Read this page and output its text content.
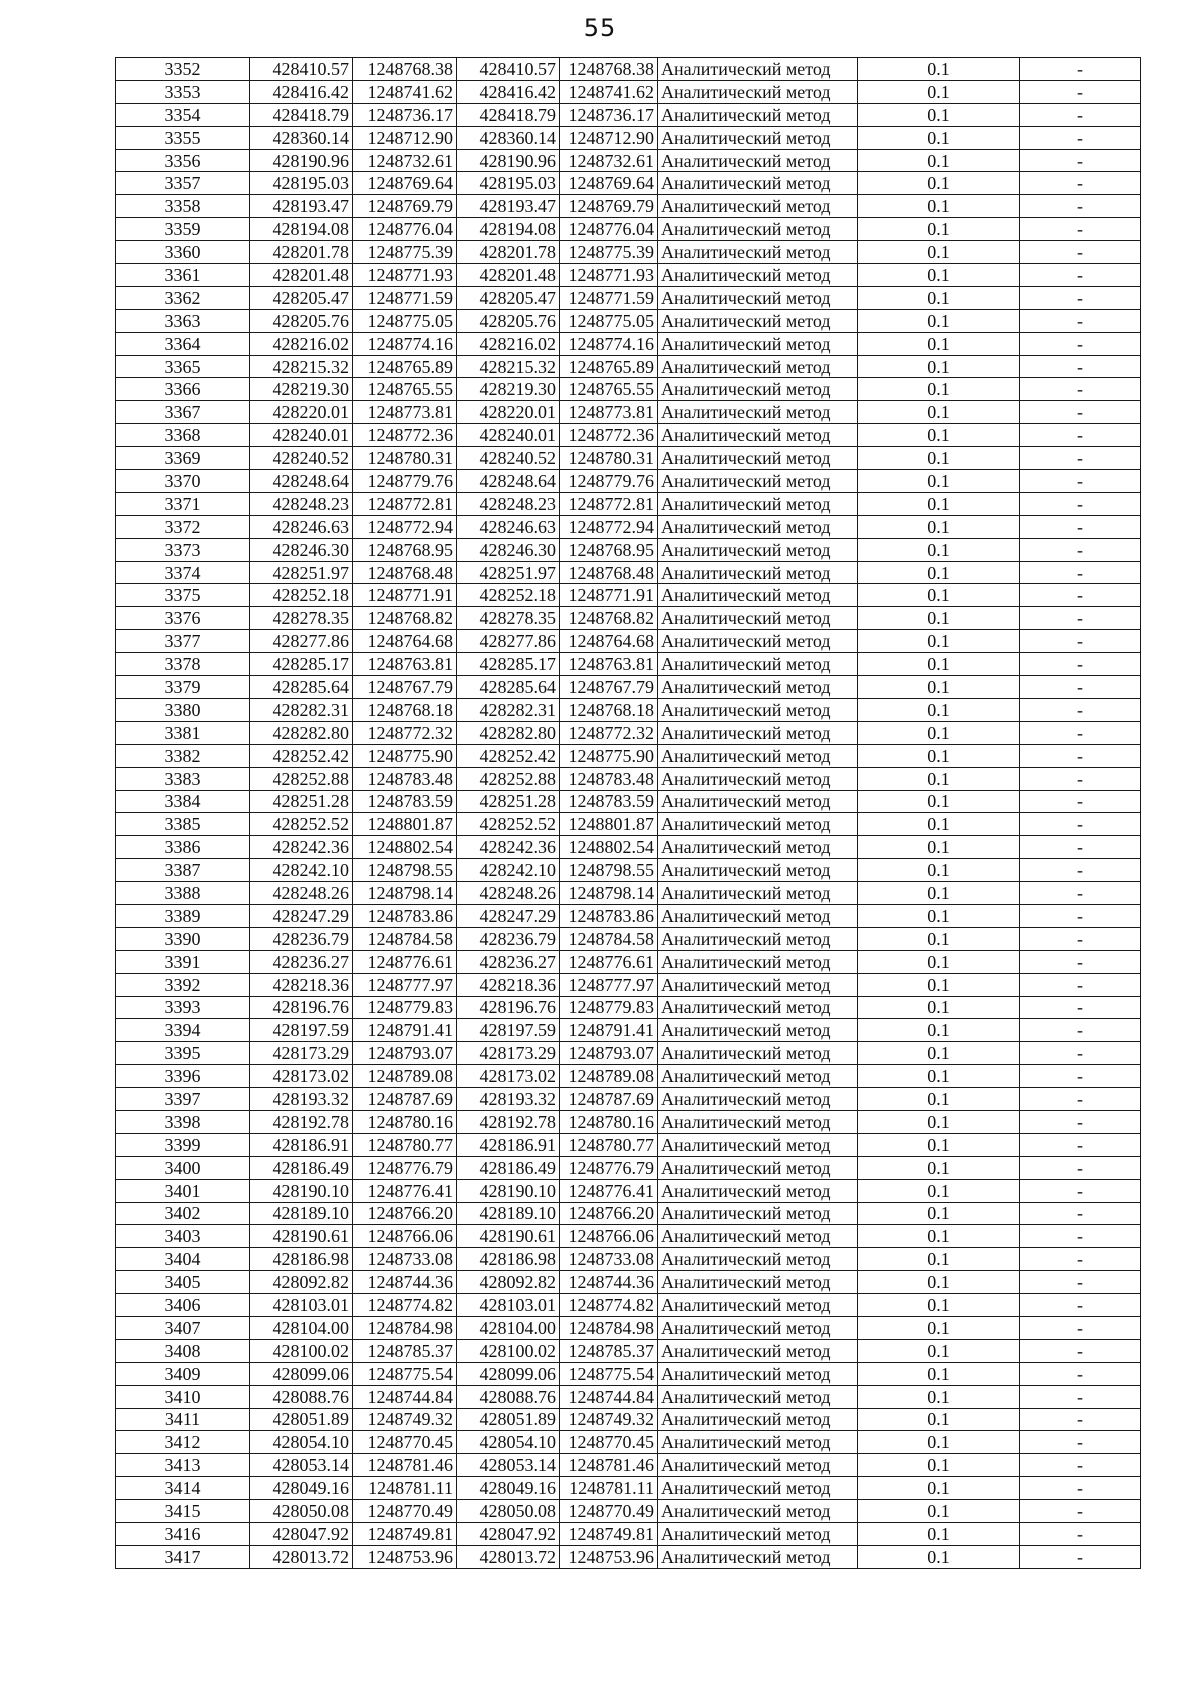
55
3352	428410.57	1248768.38	428410.57	1248768.38	Аналитический метод	0.1	-
3353	428416.42	1248741.62	428416.42	1248741.62	Аналитический метод	0.1	-
3354	428418.79	1248736.17	428418.79	1248736.17	Аналитический метод	0.1	-
3355	428360.14	1248712.90	428360.14	1248712.90	Аналитический метод	0.1	-
3356	428190.96	1248732.61	428190.96	1248732.61	Аналитический метод	0.1	-
3357	428195.03	1248769.64	428195.03	1248769.64	Аналитический метод	0.1	-
3358	428193.47	1248769.79	428193.47	1248769.79	Аналитический метод	0.1	-
3359	428194.08	1248776.04	428194.08	1248776.04	Аналитический метод	0.1	-
3360	428201.78	1248775.39	428201.78	1248775.39	Аналитический метод	0.1	-
3361	428201.48	1248771.93	428201.48	1248771.93	Аналитический метод	0.1	-
3362	428205.47	1248771.59	428205.47	1248771.59	Аналитический метод	0.1	-
3363	428205.76	1248775.05	428205.76	1248775.05	Аналитический метод	0.1	-
3364	428216.02	1248774.16	428216.02	1248774.16	Аналитический метод	0.1	-
3365	428215.32	1248765.89	428215.32	1248765.89	Аналитический метод	0.1	-
3366	428219.30	1248765.55	428219.30	1248765.55	Аналитический метод	0.1	-
3367	428220.01	1248773.81	428220.01	1248773.81	Аналитический метод	0.1	-
3368	428240.01	1248772.36	428240.01	1248772.36	Аналитический метод	0.1	-
3369	428240.52	1248780.31	428240.52	1248780.31	Аналитический метод	0.1	-
3370	428248.64	1248779.76	428248.64	1248779.76	Аналитический метод	0.1	-
3371	428248.23	1248772.81	428248.23	1248772.81	Аналитический метод	0.1	-
3372	428246.63	1248772.94	428246.63	1248772.94	Аналитический метод	0.1	-
3373	428246.30	1248768.95	428246.30	1248768.95	Аналитический метод	0.1	-
3374	428251.97	1248768.48	428251.97	1248768.48	Аналитический метод	0.1	-
3375	428252.18	1248771.91	428252.18	1248771.91	Аналитический метод	0.1	-
3376	428278.35	1248768.82	428278.35	1248768.82	Аналитический метод	0.1	-
3377	428277.86	1248764.68	428277.86	1248764.68	Аналитический метод	0.1	-
3378	428285.17	1248763.81	428285.17	1248763.81	Аналитический метод	0.1	-
3379	428285.64	1248767.79	428285.64	1248767.79	Аналитический метод	0.1	-
3380	428282.31	1248768.18	428282.31	1248768.18	Аналитический метод	0.1	-
3381	428282.80	1248772.32	428282.80	1248772.32	Аналитический метод	0.1	-
3382	428252.42	1248775.90	428252.42	1248775.90	Аналитический метод	0.1	-
3383	428252.88	1248783.48	428252.88	1248783.48	Аналитический метод	0.1	-
3384	428251.28	1248783.59	428251.28	1248783.59	Аналитический метод	0.1	-
3385	428252.52	1248801.87	428252.52	1248801.87	Аналитический метод	0.1	-
3386	428242.36	1248802.54	428242.36	1248802.54	Аналитический метод	0.1	-
3387	428242.10	1248798.55	428242.10	1248798.55	Аналитический метод	0.1	-
3388	428248.26	1248798.14	428248.26	1248798.14	Аналитический метод	0.1	-
3389	428247.29	1248783.86	428247.29	1248783.86	Аналитический метод	0.1	-
3390	428236.79	1248784.58	428236.79	1248784.58	Аналитический метод	0.1	-
3391	428236.27	1248776.61	428236.27	1248776.61	Аналитический метод	0.1	-
3392	428218.36	1248777.97	428218.36	1248777.97	Аналитический метод	0.1	-
3393	428196.76	1248779.83	428196.76	1248779.83	Аналитический метод	0.1	-
3394	428197.59	1248791.41	428197.59	1248791.41	Аналитический метод	0.1	-
3395	428173.29	1248793.07	428173.29	1248793.07	Аналитический метод	0.1	-
3396	428173.02	1248789.08	428173.02	1248789.08	Аналитический метод	0.1	-
3397	428193.32	1248787.69	428193.32	1248787.69	Аналитический метод	0.1	-
3398	428192.78	1248780.16	428192.78	1248780.16	Аналитический метод	0.1	-
3399	428186.91	1248780.77	428186.91	1248780.77	Аналитический метод	0.1	-
3400	428186.49	1248776.79	428186.49	1248776.79	Аналитический метод	0.1	-
3401	428190.10	1248776.41	428190.10	1248776.41	Аналитический метод	0.1	-
3402	428189.10	1248766.20	428189.10	1248766.20	Аналитический метод	0.1	-
3403	428190.61	1248766.06	428190.61	1248766.06	Аналитический метод	0.1	-
3404	428186.98	1248733.08	428186.98	1248733.08	Аналитический метод	0.1	-
3405	428092.82	1248744.36	428092.82	1248744.36	Аналитический метод	0.1	-
3406	428103.01	1248774.82	428103.01	1248774.82	Аналитический метод	0.1	-
3407	428104.00	1248784.98	428104.00	1248784.98	Аналитический метод	0.1	-
3408	428100.02	1248785.37	428100.02	1248785.37	Аналитический метод	0.1	-
3409	428099.06	1248775.54	428099.06	1248775.54	Аналитический метод	0.1	-
3410	428088.76	1248744.84	428088.76	1248744.84	Аналитический метод	0.1	-
3411	428051.89	1248749.32	428051.89	1248749.32	Аналитический метод	0.1	-
3412	428054.10	1248770.45	428054.10	1248770.45	Аналитический метод	0.1	-
3413	428053.14	1248781.46	428053.14	1248781.46	Аналитический метод	0.1	-
3414	428049.16	1248781.11	428049.16	1248781.11	Аналитический метод	0.1	-
3415	428050.08	1248770.49	428050.08	1248770.49	Аналитический метод	0.1	-
3416	428047.92	1248749.81	428047.92	1248749.81	Аналитический метод	0.1	-
3417	428013.72	1248753.96	428013.72	1248753.96	Аналитический метод	0.1	-
